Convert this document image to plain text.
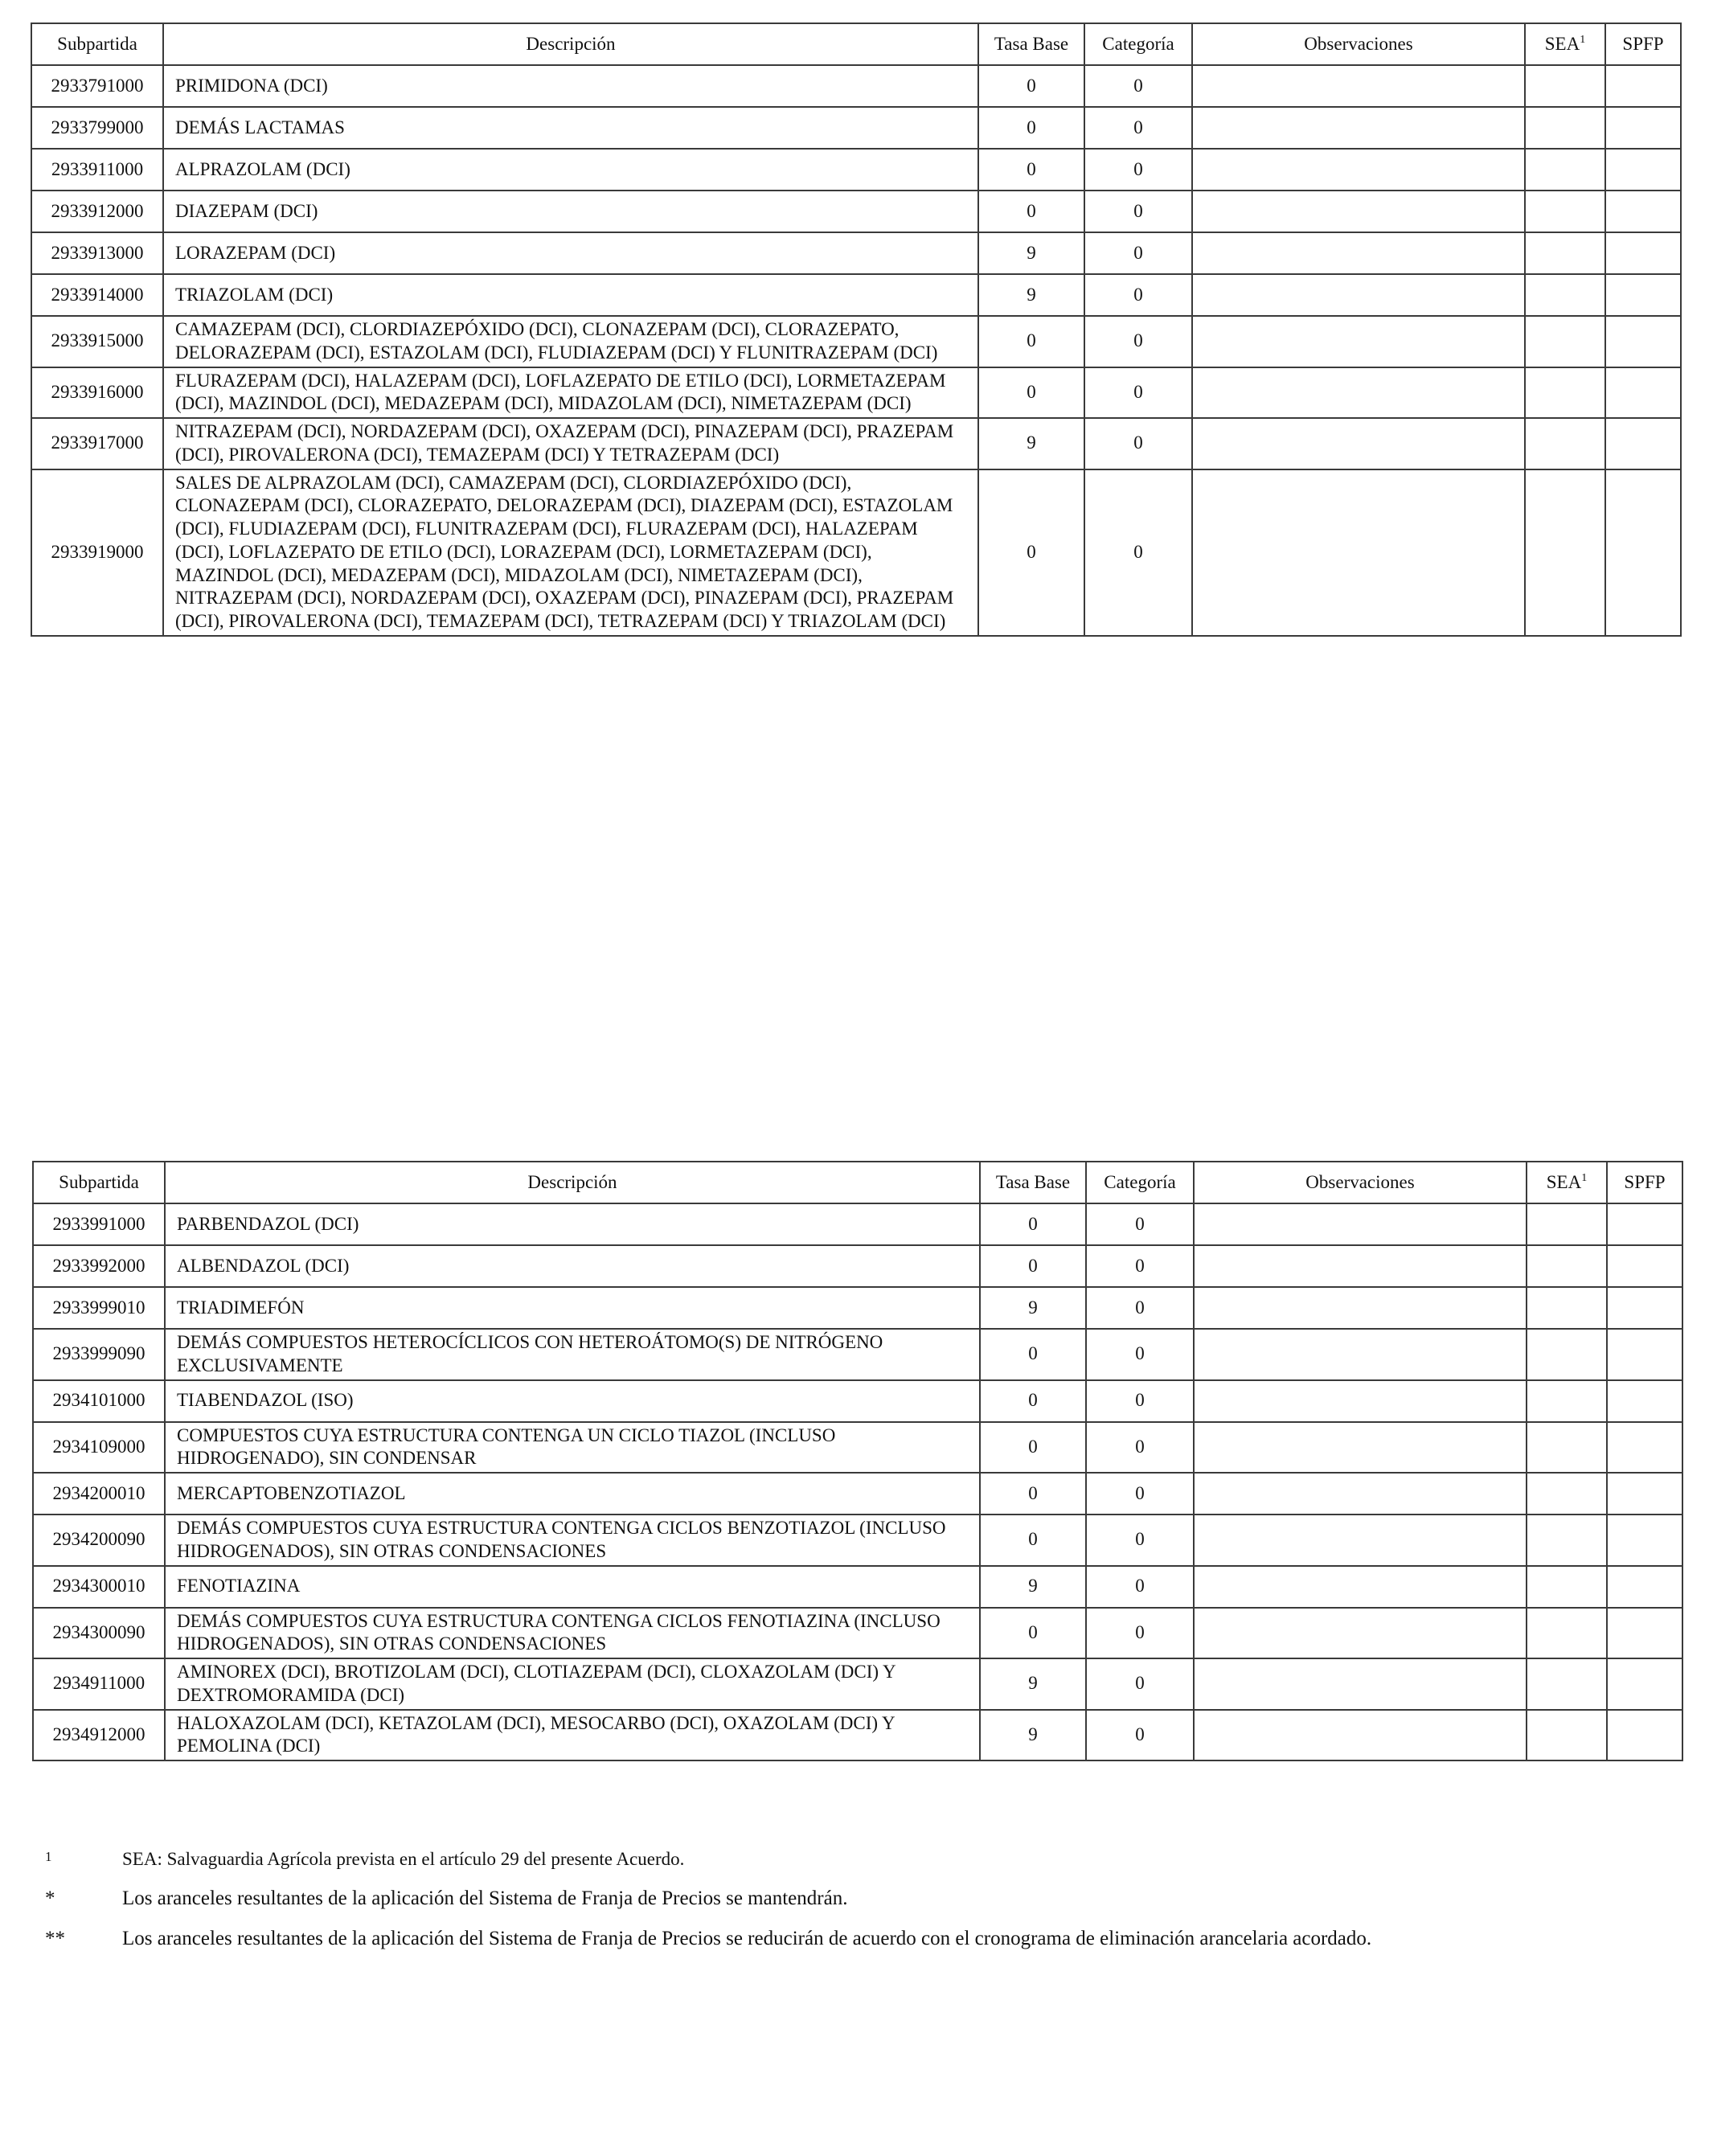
Subpartida	Descripción	Tasa Base	Categoría	Observaciones	SEA$^1$	SPFP
2933791000	PRIMIDONA (DCI)	0	0			
2933799000	DEMÁS LACTAMAS	0	0			
2933911000	ALPRAZOLAM (DCI)	0	0			
2933912000	DIAZEPAM (DCI)	0	0			
2933913000	LORAZEPAM (DCI)	9	0			
2933914000	TRIAZOLAM (DCI)	9	0			
2933915000	CAMAZEPAM (DCI), CLORDIAZEPÓXIDO (DCI), CLONAZEPAM (DCI), CLORAZEPATO, DELORAZEPAM (DCI), ESTAZOLAM (DCI), FLUDIAZEPAM (DCI) Y FLUNITRAZEPAM (DCI)	0	0			
2933916000	FLURAZEPAM (DCI), HALAZEPAM (DCI), LOFLAZEPATO DE ETILO (DCI), LORMETAZEPAM (DCI), MAZINDOL (DCI), MEDAZEPAM (DCI), MIDAZOLAM (DCI), NIMETAZEPAM (DCI)	0	0			
2933917000	NITRAZEPAM (DCI), NORDAZEPAM (DCI), OXAZEPAM (DCI), PINAZEPAM (DCI), PRAZEPAM (DCI), PIROVALERONA (DCI), TEMAZEPAM (DCI) Y TETRAZEPAM (DCI)	9	0			
2933919000	SALES DE ALPRAZOLAM (DCI), CAMAZEPAM (DCI), CLORDIAZEPÓXIDO (DCI), CLONAZEPAM (DCI), CLORAZEPATO, DELORAZEPAM (DCI), DIAZEPAM (DCI), ESTAZOLAM (DCI), FLUDIAZEPAM (DCI), FLUNITRAZEPAM (DCI), FLURAZEPAM (DCI), HALAZEPAM (DCI), LOFLAZEPATO DE ETILO (DCI), LORAZEPAM (DCI), LORMETAZEPAM (DCI), MAZINDOL (DCI), MEDAZEPAM (DCI), MIDAZOLAM (DCI), NIMETAZEPAM (DCI), NITRAZEPAM (DCI), NORDAZEPAM (DCI), OXAZEPAM (DCI), PINAZEPAM (DCI), PRAZEPAM (DCI), PIROVALERONA (DCI), TEMAZEPAM (DCI), TETRAZEPAM (DCI) Y TRIAZOLAM (DCI)	0	0			
Subpartida	Descripción	Tasa Base	Categoría	Observaciones	SEA$^1$	SPFP
2933991000	PARBENDAZOL (DCI)	0	0			
2933992000	ALBENDAZOL (DCI)	0	0			
2933999010	TRIADIMEFÓN	9	0			
2933999090	DEMÁS COMPUESTOS HETEROCÍCLICOS CON HETEROÁTOMO(S) DE NITRÓGENO EXCLUSIVAMENTE	0	0			
2934101000	TIABENDAZOL (ISO)	0	0			
2934109000	COMPUESTOS CUYA ESTRUCTURA CONTENGA UN CICLO TIAZOL (INCLUSO HIDROGENADO), SIN CONDENSAR	0	0			
2934200010	MERCAPTOBENZOTIAZOL	0	0			
2934200090	DEMÁS COMPUESTOS CUYA ESTRUCTURA CONTENGA CICLOS BENZOTIAZOL (INCLUSO HIDROGENADOS), SIN OTRAS CONDENSACIONES	0	0			
2934300010	FENOTIAZINA	9	0			
2934300090	DEMÁS COMPUESTOS CUYA ESTRUCTURA CONTENGA CICLOS FENOTIAZINA (INCLUSO HIDROGENADOS), SIN OTRAS CONDENSACIONES	0	0			
2934911000	AMINOREX (DCI), BROTIZOLAM (DCI), CLOTIAZEPAM (DCI), CLOXAZOLAM (DCI) Y DEXTROMORAMIDA (DCI)	9	0			
2934912000	HALOXAZOLAM (DCI), KETAZOLAM (DCI), MESOCARBO (DCI), OXAZOLAM (DCI) Y PEMOLINA (DCI)	9	0			
1	SEA: Salvaguardia Agrícola prevista en el artículo 29 del presente Acuerdo.
*	Los aranceles resultantes de la aplicación del Sistema de Franja de Precios se mantendrán.
**	Los aranceles resultantes de la aplicación del Sistema de Franja de Precios se reducirán de acuerdo con el cronograma de eliminación arancelaria acordado.
